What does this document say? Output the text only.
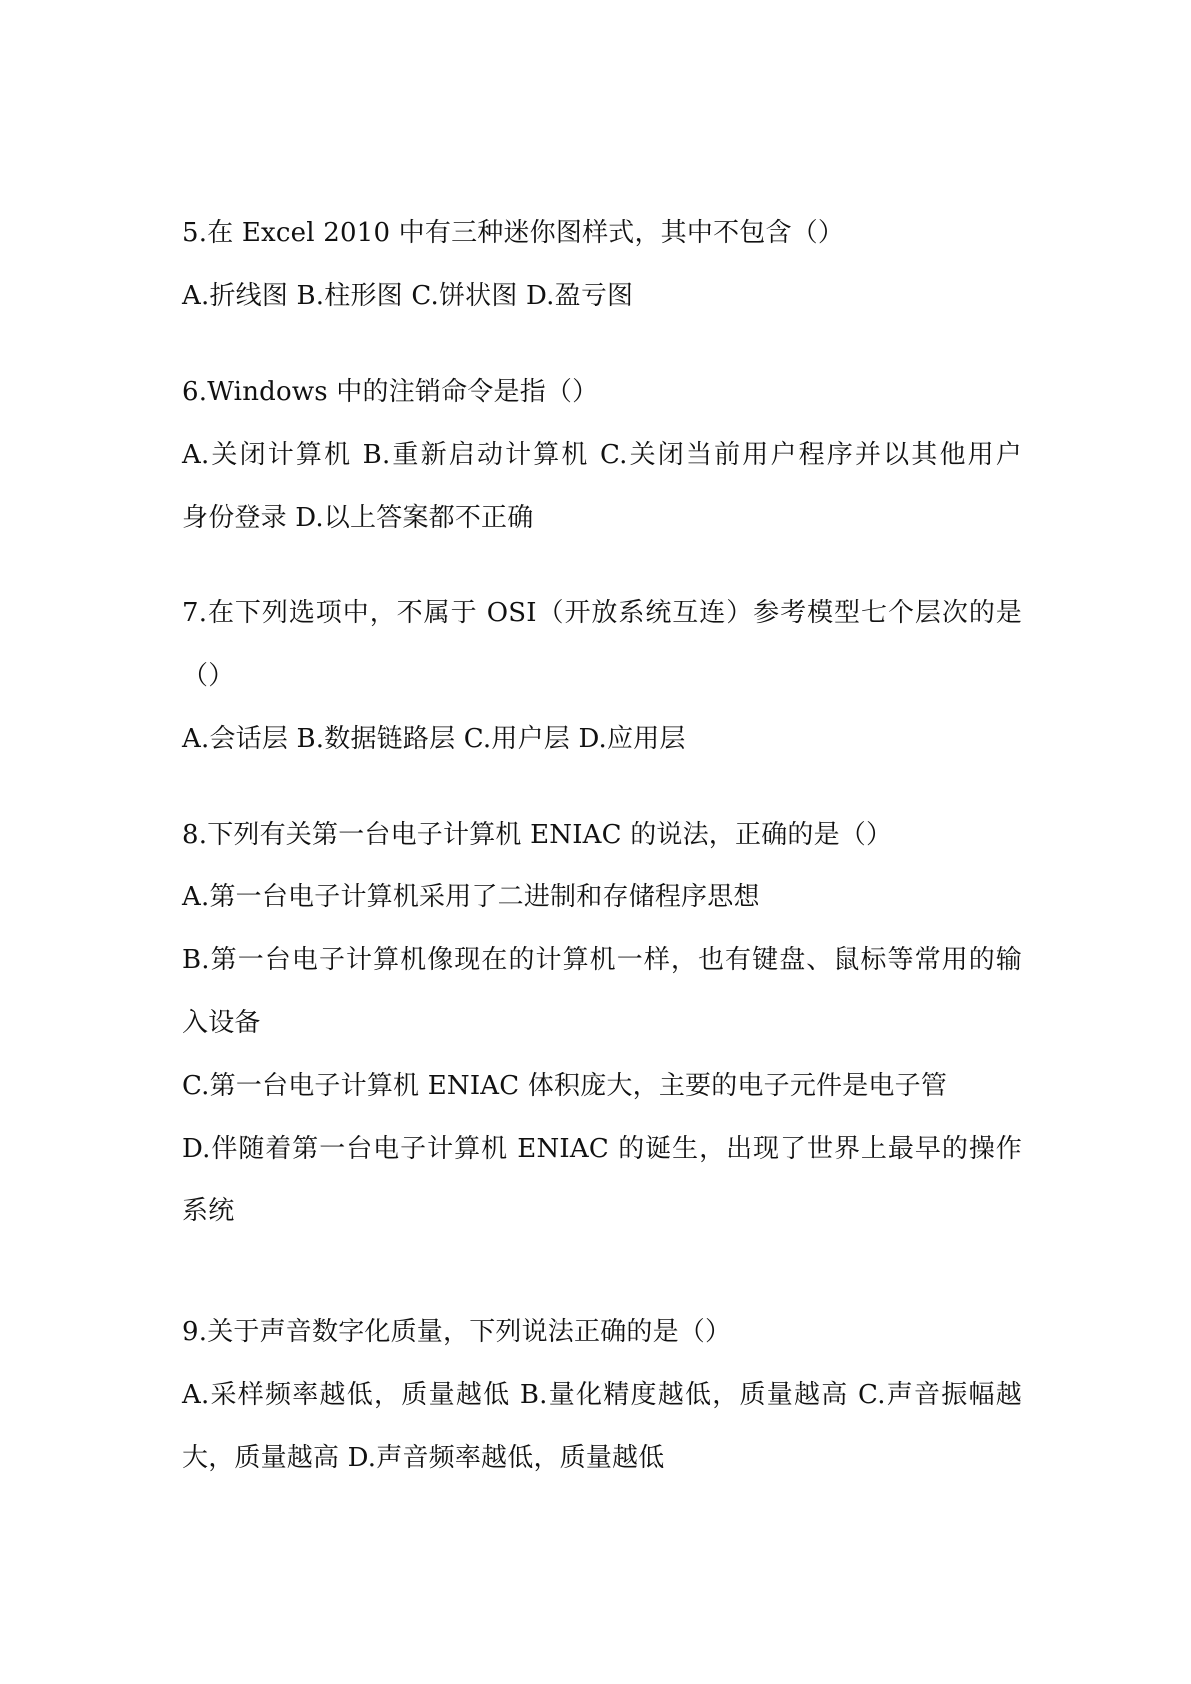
5.在 Excel 2010 中有三种迷你图样式，其中不包含（）
A.折线图 B.柱形图 C.饼状图 D.盈亏图
6.Windows 中的注销命令是指（）
A.关闭计算机 B.重新启动计算机 C.关闭当前用户程序并以其他用户
身份登录 D.以上答案都不正确
7.在下列选项中，不属于 OSI（开放系统互连）参考模型七个层次的是
（）
A.会话层 B.数据链路层 C.用户层 D.应用层
8.下列有关第一台电子计算机 ENIAC 的说法，正确的是（）
A.第一台电子计算机采用了二进制和存储程序思想
B.第一台电子计算机像现在的计算机一样，也有键盘、鼠标等常用的输
入设备
C.第一台电子计算机 ENIAC 体积庞大，主要的电子元件是电子管
D.伴随着第一台电子计算机 ENIAC 的诞生，出现了世界上最早的操作
系统
9.关于声音数字化质量，下列说法正确的是（）
A.采样频率越低，质量越低 B.量化精度越低，质量越高 C.声音振幅越
大，质量越高 D.声音频率越低，质量越低
